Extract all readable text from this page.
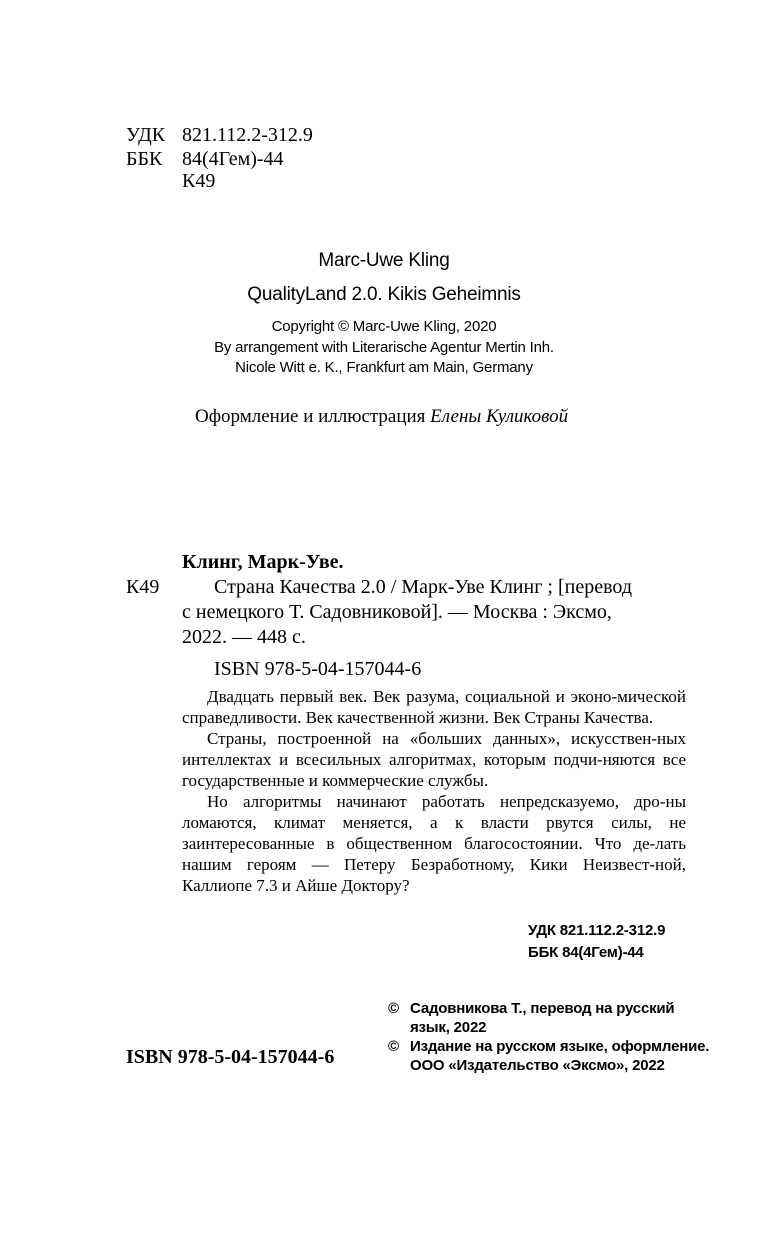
УДК 821.112.2-312.9
ББК 84(4Гем)-44
К49
Marc-Uwe Kling
QualityLand 2.0. Kikis Geheimnis
Copyright © Marc-Uwe Kling, 2020
By arrangement with Literarische Agentur Mertin Inh.
Nicole Witt e. K., Frankfurt am Main, Germany
Оформление и иллюстрация Елены Куликовой
Клинг, Марк-Уве.
К49	Страна Качества 2.0 / Марк-Уве Клинг ; [перевод
с немецкого Т. Садовниковой]. — Москва : Эксмо,
2022. — 448 с.
ISBN 978-5-04-157044-6

Двадцать первый век. Век разума, социальной и эконо-мической справедливости. Век качественной жизни. Век Страны Качества.

Страны, построенной на «больших данных», искусствен-ных интеллектах и всесильных алгоритмах, которым подчи-няются все государственные и коммерческие службы.

Но алгоритмы начинают работать непредсказуемо, дро-ны ломаются, климат меняется, а к власти рвутся силы, не заинтересованные в общественном благосостоянии. Что де-лать нашим героям — Петеру Безработному, Кики Неизвест-ной, Каллиопе 7.3 и Айше Доктору?

УДК 821.112.2-312.9
ББК 84(4Гем)-44
ISBN 978-5-04-157044-6
© Садовникова Т., перевод на русский
язык, 2022
© Издание на русском языке, оформление.
ООО «Издательство «Эксмо», 2022
